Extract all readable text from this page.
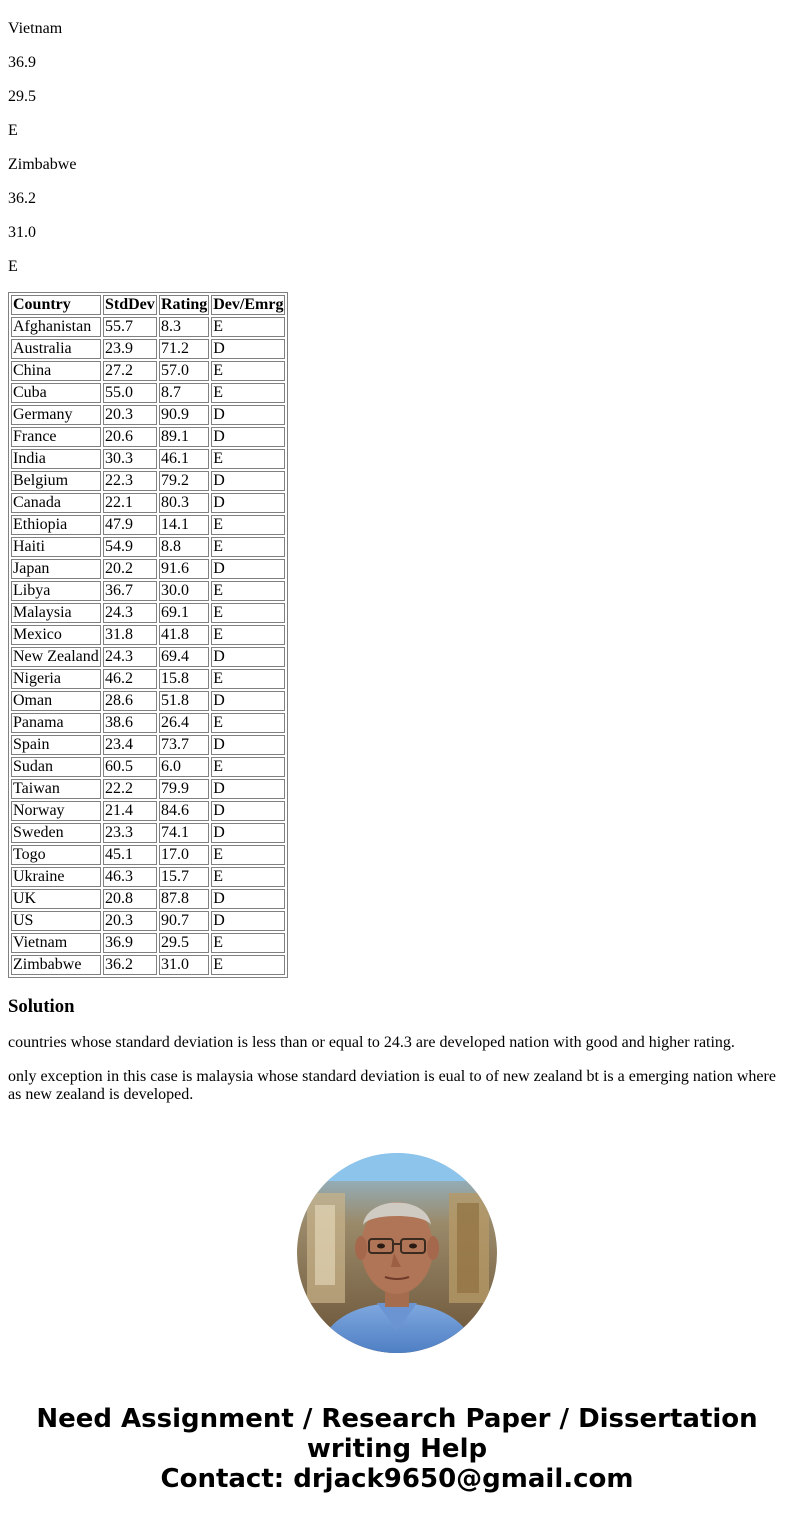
Vietnam

36.9

29.5

E

Zimbabwe

36.2

31.0

E

Country	StdDev	Rating	Dev/Emrg
Afghanistan	55.7	8.3	E
Australia	23.9	71.2	D
China	27.2	57.0	E
Cuba	55.0	8.7	E
Germany	20.3	90.9	D
France	20.6	89.1	D
India	30.3	46.1	E
Belgium	22.3	79.2	D
Canada	22.1	80.3	D
Ethiopia	47.9	14.1	E
Haiti	54.9	8.8	E
Japan	20.2	91.6	D
Libya	36.7	30.0	E
Malaysia	24.3	69.1	E
Mexico	31.8	41.8	E
New Zealand	24.3	69.4	D
Nigeria	46.2	15.8	E
Oman	28.6	51.8	D
Panama	38.6	26.4	E
Spain	23.4	73.7	D
Sudan	60.5	6.0	E
Taiwan	22.2	79.9	D
Norway	21.4	84.6	D
Sweden	23.3	74.1	D
Togo	45.1	17.0	E
Ukraine	46.3	15.7	E
UK	20.8	87.8	D
US	20.3	90.7	D
Vietnam	36.9	29.5	E
Zimbabwe	36.2	31.0	E
Solution

countries whose standard deviation is less than or equal to 24.3 are developed nation with good and higher rating.

only exception in this case is malaysia whose standard deviation is eual to of new zealand bt is a emerging nation where as new zealand is developed.

Need Assignment / Research Paper / Dissertation
writing Help
Contact: drjack9650@gmail.com
